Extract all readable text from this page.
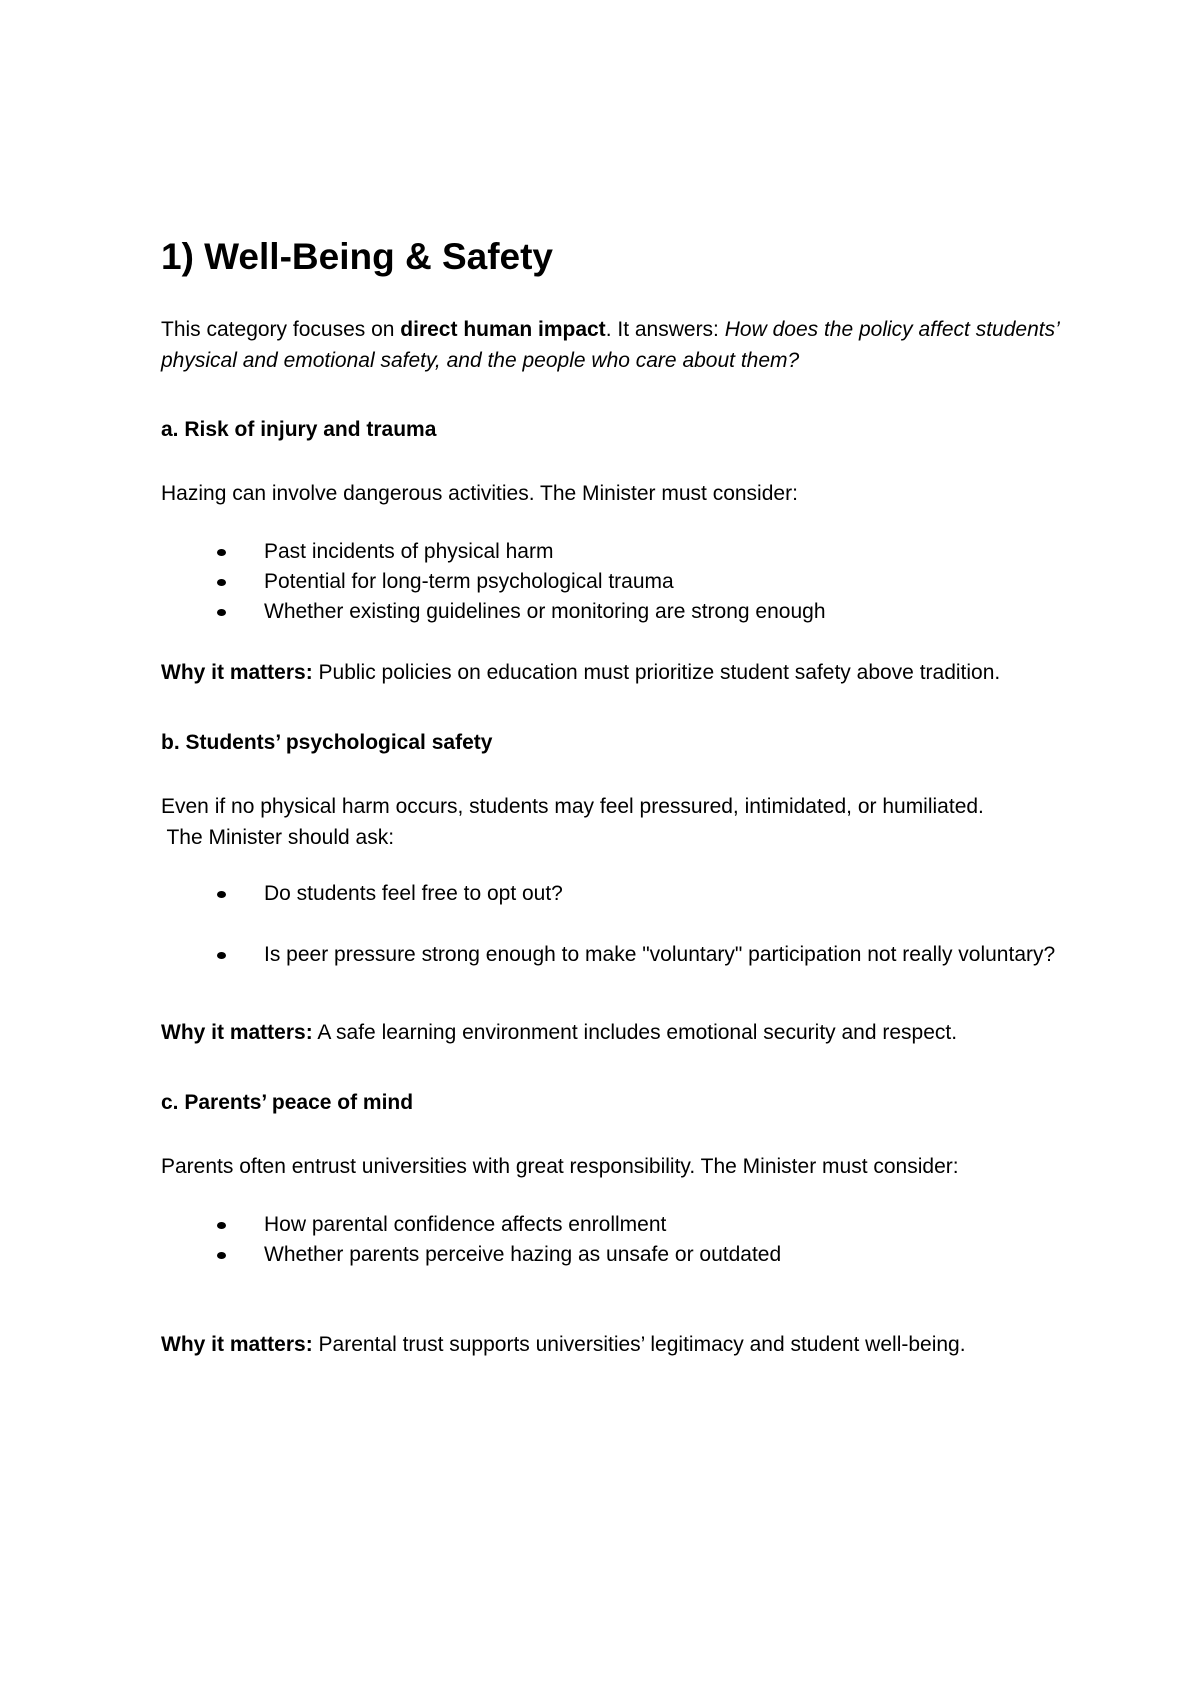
1) Well-Being & Safety

This category focuses on direct human impact. It answers: How does the policy affect students’ physical and emotional safety, and the people who care about them?

a. Risk of injury and trauma

Hazing can involve dangerous activities. The Minister must consider:

Past incidents of physical harm
Potential for long-term psychological trauma
Whether existing guidelines or monitoring are strong enough

Why it matters: Public policies on education must prioritize student safety above tradition.

b. Students’ psychological safety

Even if no physical harm occurs, students may feel pressured, intimidated, or humiliated.

The Minister should ask:

Do students feel free to opt out?
Is peer pressure strong enough to make "voluntary" participation not really voluntary?

Why it matters: A safe learning environment includes emotional security and respect.

c. Parents’ peace of mind

Parents often entrust universities with great responsibility. The Minister must consider:

How parental confidence affects enrollment
Whether parents perceive hazing as unsafe or outdated

Why it matters: Parental trust supports universities’ legitimacy and student well-being.
